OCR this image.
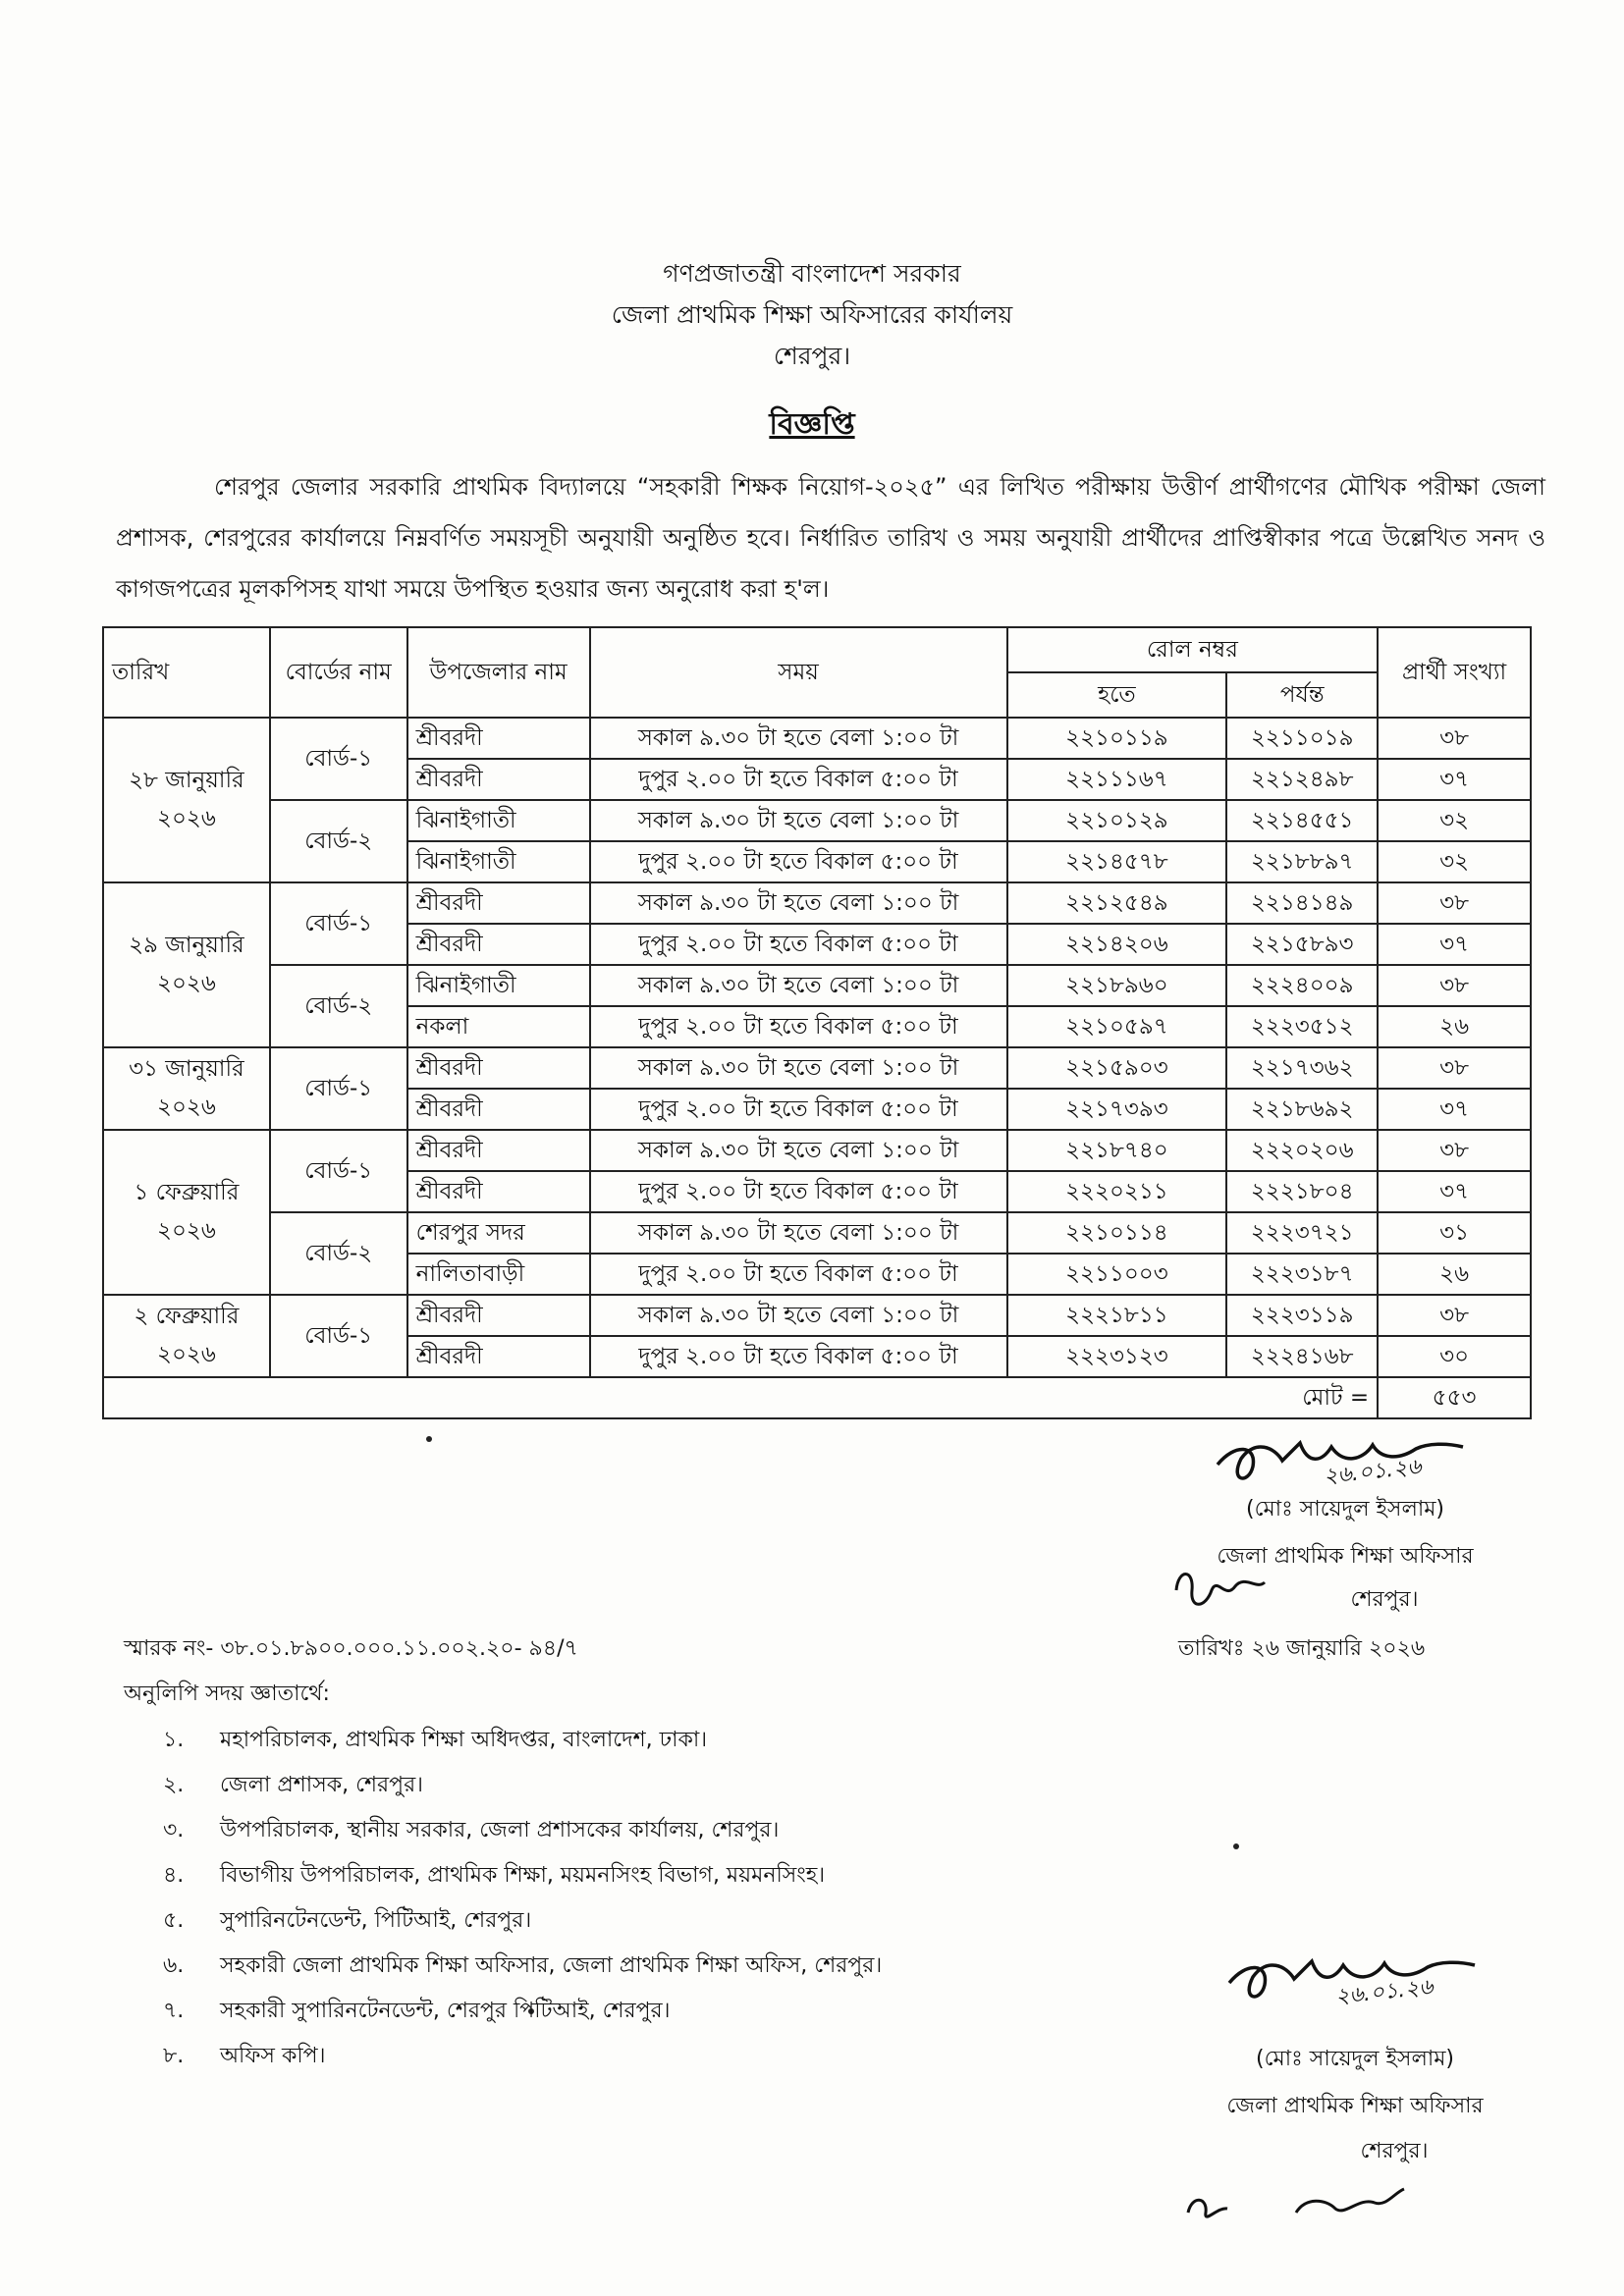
গণপ্রজাতন্ত্রী বাংলাদেশ সরকার
জেলা প্রাথমিক শিক্ষা অফিসারের কার্যালয়
শেরপুর।
বিজ্ঞপ্তি
শেরপুর জেলার সরকারি প্রাথমিক বিদ্যালয়ে “সহকারী শিক্ষক নিয়োগ-২০২৫” এর লিখিত পরীক্ষায় উত্তীর্ণ প্রার্থীগণের মৌখিক পরীক্ষা জেলা প্রশাসক, শেরপুরের কার্যালয়ে নিম্নবর্ণিত সময়সূচী অনুযায়ী অনুষ্ঠিত হবে। নির্ধারিত তারিখ ও সময় অনুযায়ী প্রার্থীদের প্রাপ্তিস্বীকার পত্রে উল্লেখিত সনদ ও কাগজপত্রের মূলকপিসহ যাথা সময়ে উপস্থিত হওয়ার জন্য অনুরোধ করা হ'ল।
তারিখ	বোর্ডের নাম	উপজেলার নাম	সময়	রোল নম্বর		প্রার্থী সংখ্যা
				হতে	পর্যন্ত	
২৮ জানুয়ারি ২০২৬	বোর্ড-১	শ্রীবরদী	সকাল ৯.৩০ টা হতে বেলা ১:০০ টা	২২১০১১৯	২২১১০১৯	৩৮
		শ্রীবরদী	দুপুর ২.০০ টা হতে বিকাল ৫:০০ টা	২২১১১৬৭	২২১২৪৯৮	৩৭
	বোর্ড-২	ঝিনাইগাতী	সকাল ৯.৩০ টা হতে বেলা ১:০০ টা	২২১০১২৯	২২১৪৫৫১	৩২
		ঝিনাইগাতী	দুপুর ২.০০ টা হতে বিকাল ৫:০০ টা	২২১৪৫৭৮	২২১৮৮৯৭	৩২
২৯ জানুয়ারি ২০২৬	বোর্ড-১	শ্রীবরদী	সকাল ৯.৩০ টা হতে বেলা ১:০০ টা	২২১২৫৪৯	২২১৪১৪৯	৩৮
		শ্রীবরদী	দুপুর ২.০০ টা হতে বিকাল ৫:০০ টা	২২১৪২০৬	২২১৫৮৯৩	৩৭
	বোর্ড-২	ঝিনাইগাতী	সকাল ৯.৩০ টা হতে বেলা ১:০০ টা	২২১৮৯৬০	২২২৪০০৯	৩৮
		নকলা	দুপুর ২.০০ টা হতে বিকাল ৫:০০ টা	২২১০৫৯৭	২২২৩৫১২	২৬
৩১ জানুয়ারি ২০২৬	বোর্ড-১	শ্রীবরদী	সকাল ৯.৩০ টা হতে বেলা ১:০০ টা	২২১৫৯০৩	২২১৭৩৬২	৩৮
		শ্রীবরদী	দুপুর ২.০০ টা হতে বিকাল ৫:০০ টা	২২১৭৩৯৩	২২১৮৬৯২	৩৭
১ ফেব্রুয়ারি ২০২৬	বোর্ড-১	শ্রীবরদী	সকাল ৯.৩০ টা হতে বেলা ১:০০ টা	২২১৮৭৪০	২২২০২০৬	৩৮
		শ্রীবরদী	দুপুর ২.০০ টা হতে বিকাল ৫:০০ টা	২২২০২১১	২২২১৮০৪	৩৭
	বোর্ড-২	শেরপুর সদর	সকাল ৯.৩০ টা হতে বেলা ১:০০ টা	২২১০১১৪	২২২৩৭২১	৩১
		নালিতাবাড়ী	দুপুর ২.০০ টা হতে বিকাল ৫:০০ টা	২২১১০০৩	২২২৩১৮৭	২৬
২ ফেব্রুয়ারি ২০২৬	বোর্ড-১	শ্রীবরদী	সকাল ৯.৩০ টা হতে বেলা ১:০০ টা	২২২১৮১১	২২২৩১১৯	৩৮
		শ্রীবরদী	দুপুর ২.০০ টা হতে বিকাল ৫:০০ টা	২২২৩১২৩	২২২৪১৬৮	৩০
মোট =						৫৫৩
২৬.০১.২৬
(মোঃ সায়েদুল ইসলাম)
জেলা প্রাথমিক শিক্ষা অফিসার
শেরপুর।
স্মারক নং- ৩৮.০১.৮৯০০.০০০.১১.০০২.২০- ৯৪/৭	তারিখঃ ২৬ জানুয়ারি ২০২৬
অনুলিপি সদয় জ্ঞাতার্থে:
১. মহাপরিচালক, প্রাথমিক শিক্ষা অধিদপ্তর, বাংলাদেশ, ঢাকা।
২. জেলা প্রশাসক, শেরপুর।
৩. উপপরিচালক, স্থানীয় সরকার, জেলা প্রশাসকের কার্যালয়, শেরপুর।
৪. বিভাগীয় উপপরিচালক, প্রাথমিক শিক্ষা, ময়মনসিংহ বিভাগ, ময়মনসিংহ।
৫. সুপারিনটেনডেন্ট, পিটিআই, শেরপুর।
৬. সহকারী জেলা প্রাথমিক শিক্ষা অফিসার, জেলা প্রাথমিক শিক্ষা অফিস, শেরপুর।
৭. সহকারী সুপারিনটেনডেন্ট, শেরপুর পিটিআই, শেরপুর।
৮. অফিস কপি।
২৬.০১.২৬
(মোঃ সায়েদুল ইসলাম)
জেলা প্রাথমিক শিক্ষা অফিসার
শেরপুর।
